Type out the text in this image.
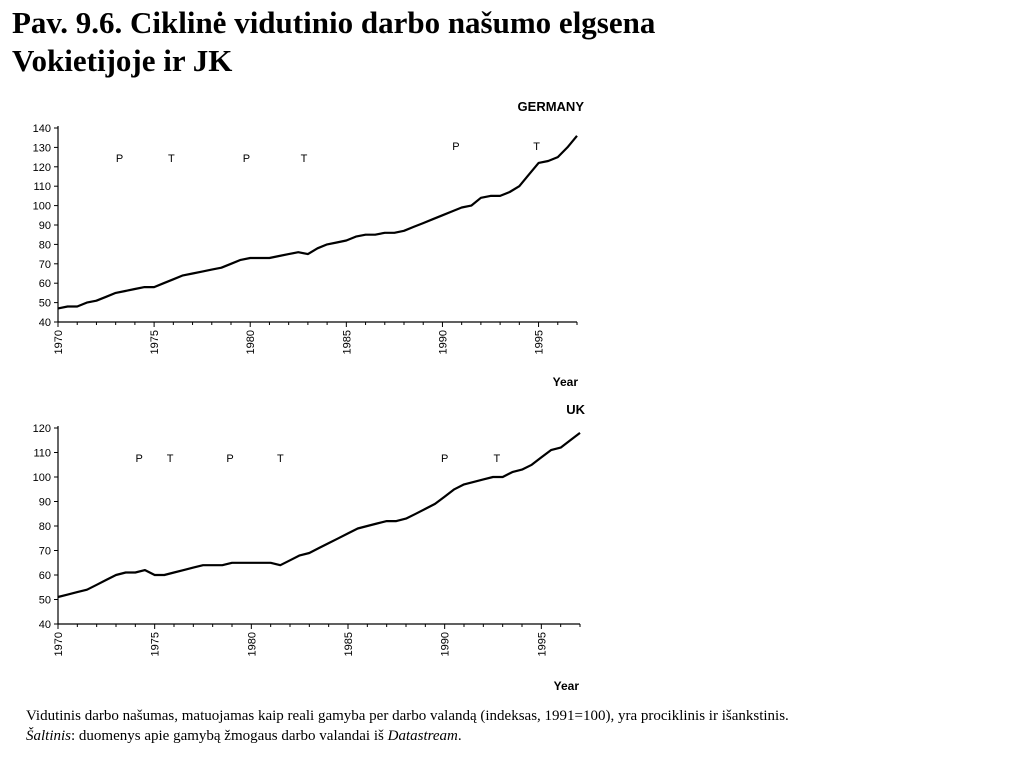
Pav. 9.6. Ciklinė vidutinio darbo našumo elgsena
Vokietijoje ir JK
GERMANY
40
50
60
70
80
90
100
110
120
130
140
1970	1975	1980	1985	1990	1995
Year
P	T	P	T
P	T
UK
40
50
60
70
80
90
100
110
120
1970	1975	1980	1985	1990	1995
Year
P T	P	T	P	T

Vidutinis darbo našumas, matuojamas kaip reali gamyba per darbo valandą (indeksas, 1991=100), yra prociklinis ir išankstinis.

Šaltinis: duomenys apie gamybą žmogaus darbo valandai iš Datastream.
